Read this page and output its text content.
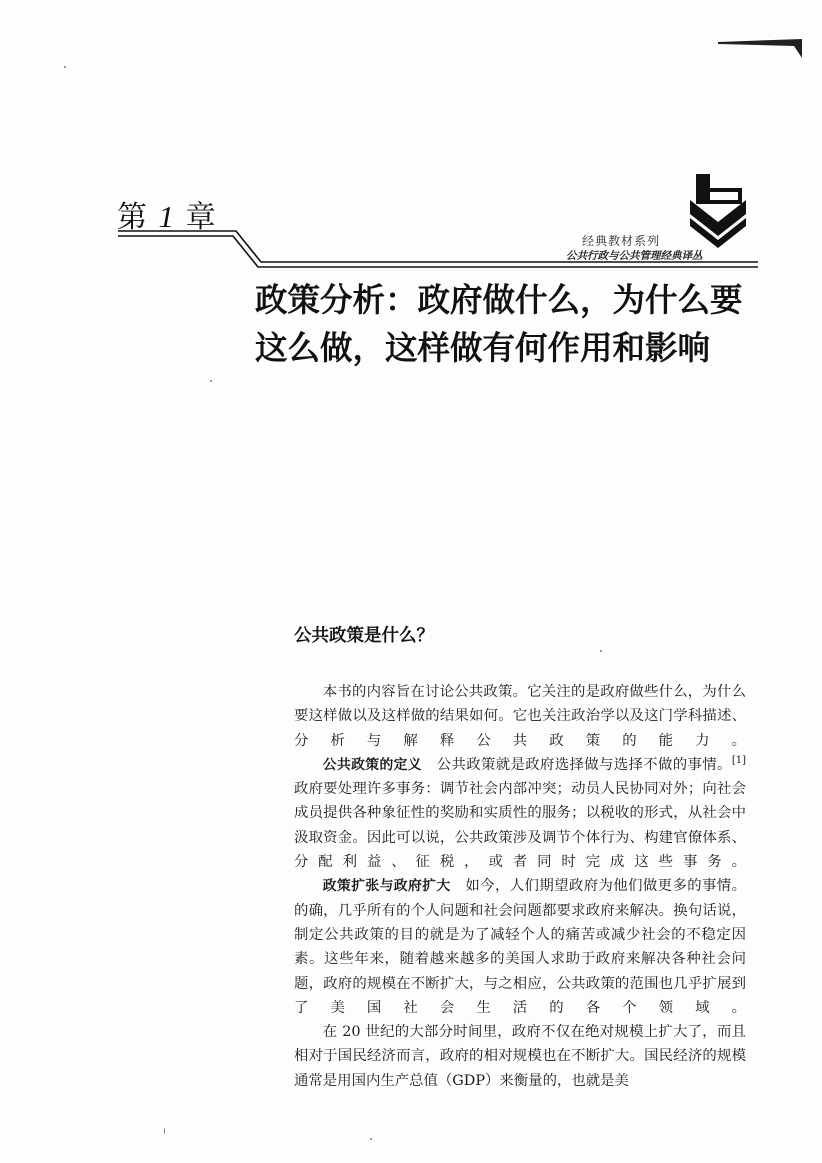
第 1 章
经典教材系列
公共行政与公共管理经典译丛
政策分析：政府做什么，为什么要
这么做，这样做有何作用和影响
公共政策是什么？

本书的内容旨在讨论公共政策。它关注的是政府做些什么，为什么要这样做以及这样做的结果如何。它也关注政治学以及这门学科描述、分析与解释公共政策的能力。

公共政策的定义　 公共政策就是政府选择做与选择不做的事情。[1]政府要处理许多事务：调节社会内部冲突；动员人民协同对外；向社会成员提供各种象征性的奖励和实质性的服务；以税收的形式，从社会中汲取资金。因此可以说，公共政策涉及调节个体行为、构建官僚体系、分配利益、征税，或者同时完成这些事务。

政策扩张与政府扩大　 如今，人们期望政府为他们做更多的事情。的确，几乎所有的个人问题和社会问题都要求政府来解决。换句话说，制定公共政策的目的就是为了减轻个人的痛苦或减少社会的不稳定因素。这些年来，随着越来越多的美国人求助于政府来解决各种社会问题，政府的规模在不断扩大，与之相应，公共政策的范围也几乎扩展到了美国社会生活的各个领域。

在 20 世纪的大部分时间里，政府不仅在绝对规模上扩大了，而且相对于国民经济而言，政府的相对规模也在不断扩大。国民经济的规模通常是用国内生产总值（GDP）来衡量的，也就是美
